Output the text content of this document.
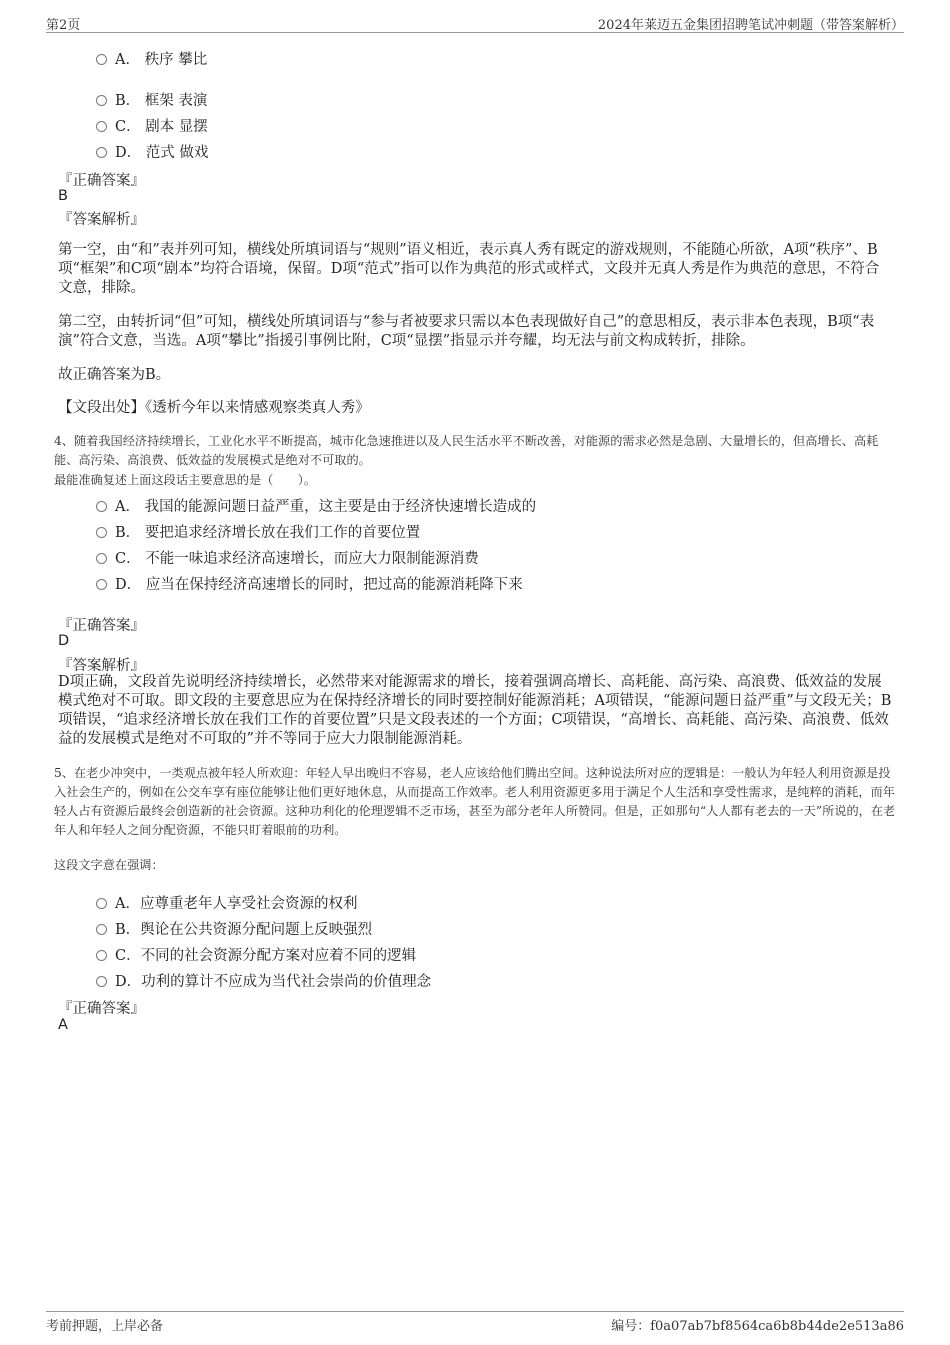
第2页	2024年莱迈五金集团招聘笔试冲刺题（带答案解析）
A． 秩序 攀比
B． 框架 表演
C． 剧本 显摆
D． 范式 做戏
『正确答案』
B
『答案解析』
第一空，由“和”表并列可知，横线处所填词语与“规则”语义相近，表示真人秀有既定的游戏规则，不能随心所欲，A项“秩序”、B项“框架”和C项“剧本”均符合语境，保留。D项“范式”指可以作为典范的形式或样式，文段并无真人秀是作为典范的意思，不符合文意，排除。
第二空，由转折词“但”可知，横线处所填词语与“参与者被要求只需以本色表现做好自己”的意思相反，表示非本色表现，B项“表演”符合文意，当选。A项“攀比”指援引事例比附，C项“显摆”指显示并夸耀，均无法与前文构成转折，排除。
故正确答案为B。
【文段出处】《透析今年以来情感观察类真人秀》
4、随着我国经济持续增长，工业化水平不断提高，城市化急速推进以及人民生活水平不断改善，对能源的需求必然是急剧、大量增长的，但高增长、高耗能、高污染、高浪费、低效益的发展模式是绝对不可取的。
最能准确复述上面这段话主要意思的是（　　）。
A． 我国的能源问题日益严重，这主要是由于经济快速增长造成的
B． 要把追求经济增长放在我们工作的首要位置
C． 不能一味追求经济高速增长，而应大力限制能源消费
D． 应当在保持经济高速增长的同时，把过高的能源消耗降下来
『正确答案』
D
『答案解析』
D项正确，文段首先说明经济持续增长，必然带来对能源需求的增长，接着强调高增长、高耗能、高污染、高浪费、低效益的发展模式绝对不可取。即文段的主要意思应为在保持经济增长的同时要控制好能源消耗；A项错误，“能源问题日益严重”与文段无关；B项错误，“追求经济增长放在我们工作的首要位置”只是文段表述的一个方面；C项错误，“高增长、高耗能、高污染、高浪费、低效益的发展模式是绝对不可取的”并不等同于应大力限制能源消耗。
5、在老少冲突中，一类观点被年轻人所欢迎：年轻人早出晚归不容易，老人应该给他们腾出空间。这种说法所对应的逻辑是：一般认为年轻人利用资源是投入社会生产的，例如在公交车享有座位能够让他们更好地休息，从而提高工作效率。老人利用资源更多用于满足个人生活和享受性需求，是纯粹的消耗，而年轻人占有资源后最终会创造新的社会资源。这种功利化的伦理逻辑不乏市场，甚至为部分老年人所赞同。但是，正如那句“人人都有老去的一天”所说的，在老年人和年轻人之间分配资源，不能只盯着眼前的功利。
这段文字意在强调：
A．应尊重老年人享受社会资源的权利
B．舆论在公共资源分配问题上反映强烈
C．不同的社会资源分配方案对应着不同的逻辑
D．功利的算计不应成为当代社会崇尚的价值理念
『正确答案』
A
考前押题，上岸必备	编号：f0a07ab7bf8564ca6b8b44de2e513a86
